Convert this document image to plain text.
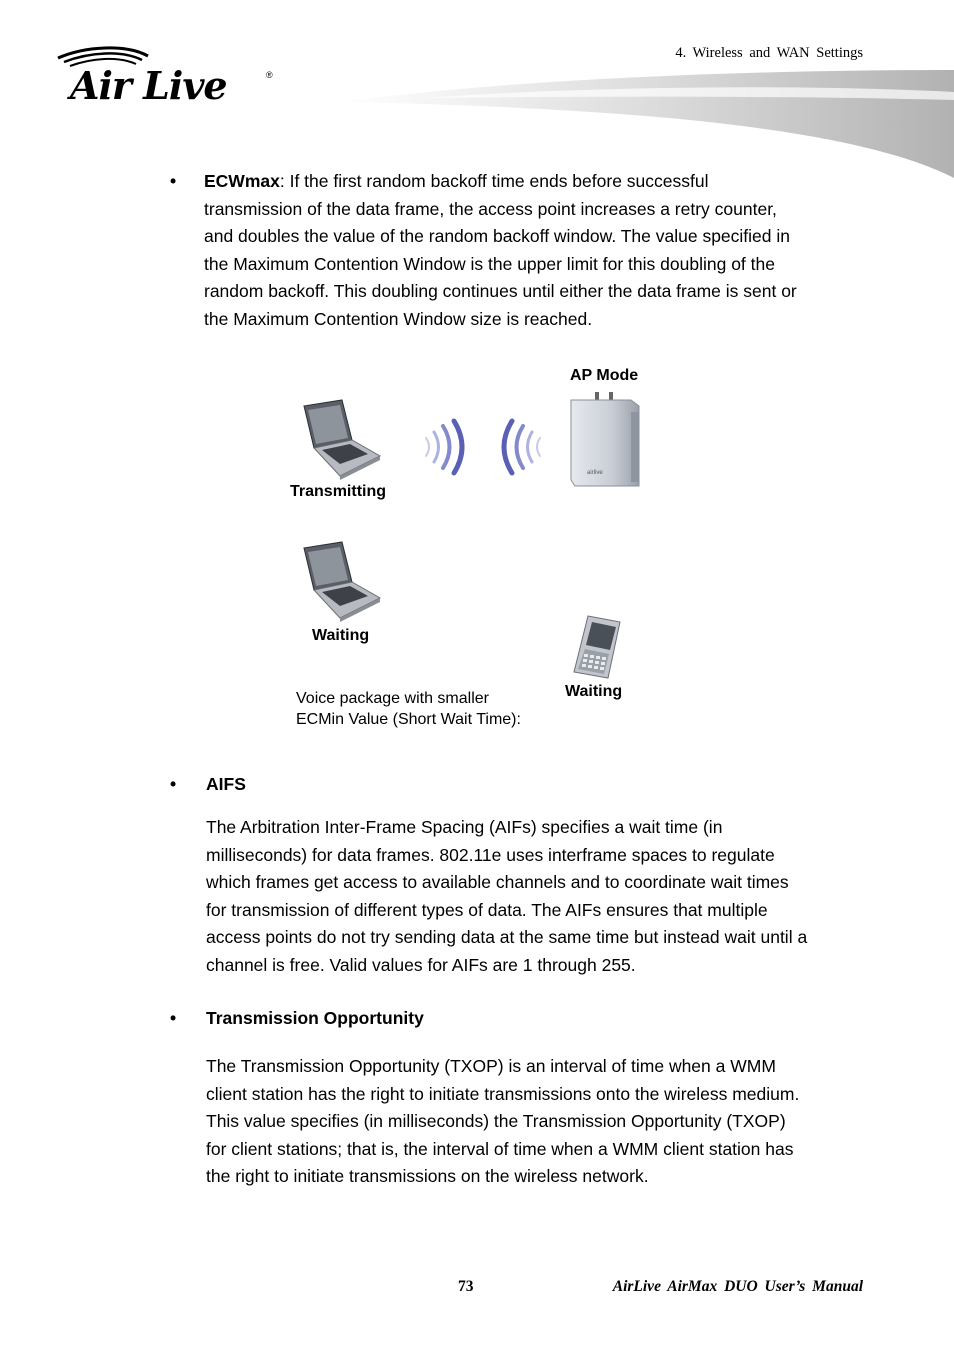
Air Live	®
4. Wireless and WAN Settings
• ECWmax: If the first random backoff time ends before successful
transmission of the data frame, the access point increases a retry counter,
and doubles the value of the random backoff window. The value specified in
the Maximum Contention Window is the upper limit for this doubling of the
random backoff. This doubling continues until either the data frame is sent or
the Maximum Contention Window size is reached.
AP Mode
airlive
Transmitting
Waiting
Waiting
Voice package with smaller
ECMin Value (Short Wait Time):
• AIFS
The Arbitration Inter-Frame Spacing (AIFs) specifies a wait time (in
milliseconds) for data frames. 802.11e uses interframe spaces to regulate
which frames get access to available channels and to coordinate wait times
for transmission of different types of data. The AIFs ensures that multiple
access points do not try sending data at the same time but instead wait until a
channel is free. Valid values for AIFs are 1 through 255.
• Transmission Opportunity
The Transmission Opportunity (TXOP) is an interval of time when a WMM
client station has the right to initiate transmissions onto the wireless medium.
This value specifies (in milliseconds) the Transmission Opportunity (TXOP)
for client stations; that is, the interval of time when a WMM client station has
the right to initiate transmissions on the wireless network.
73	AirLive AirMax DUO User’s Manual
